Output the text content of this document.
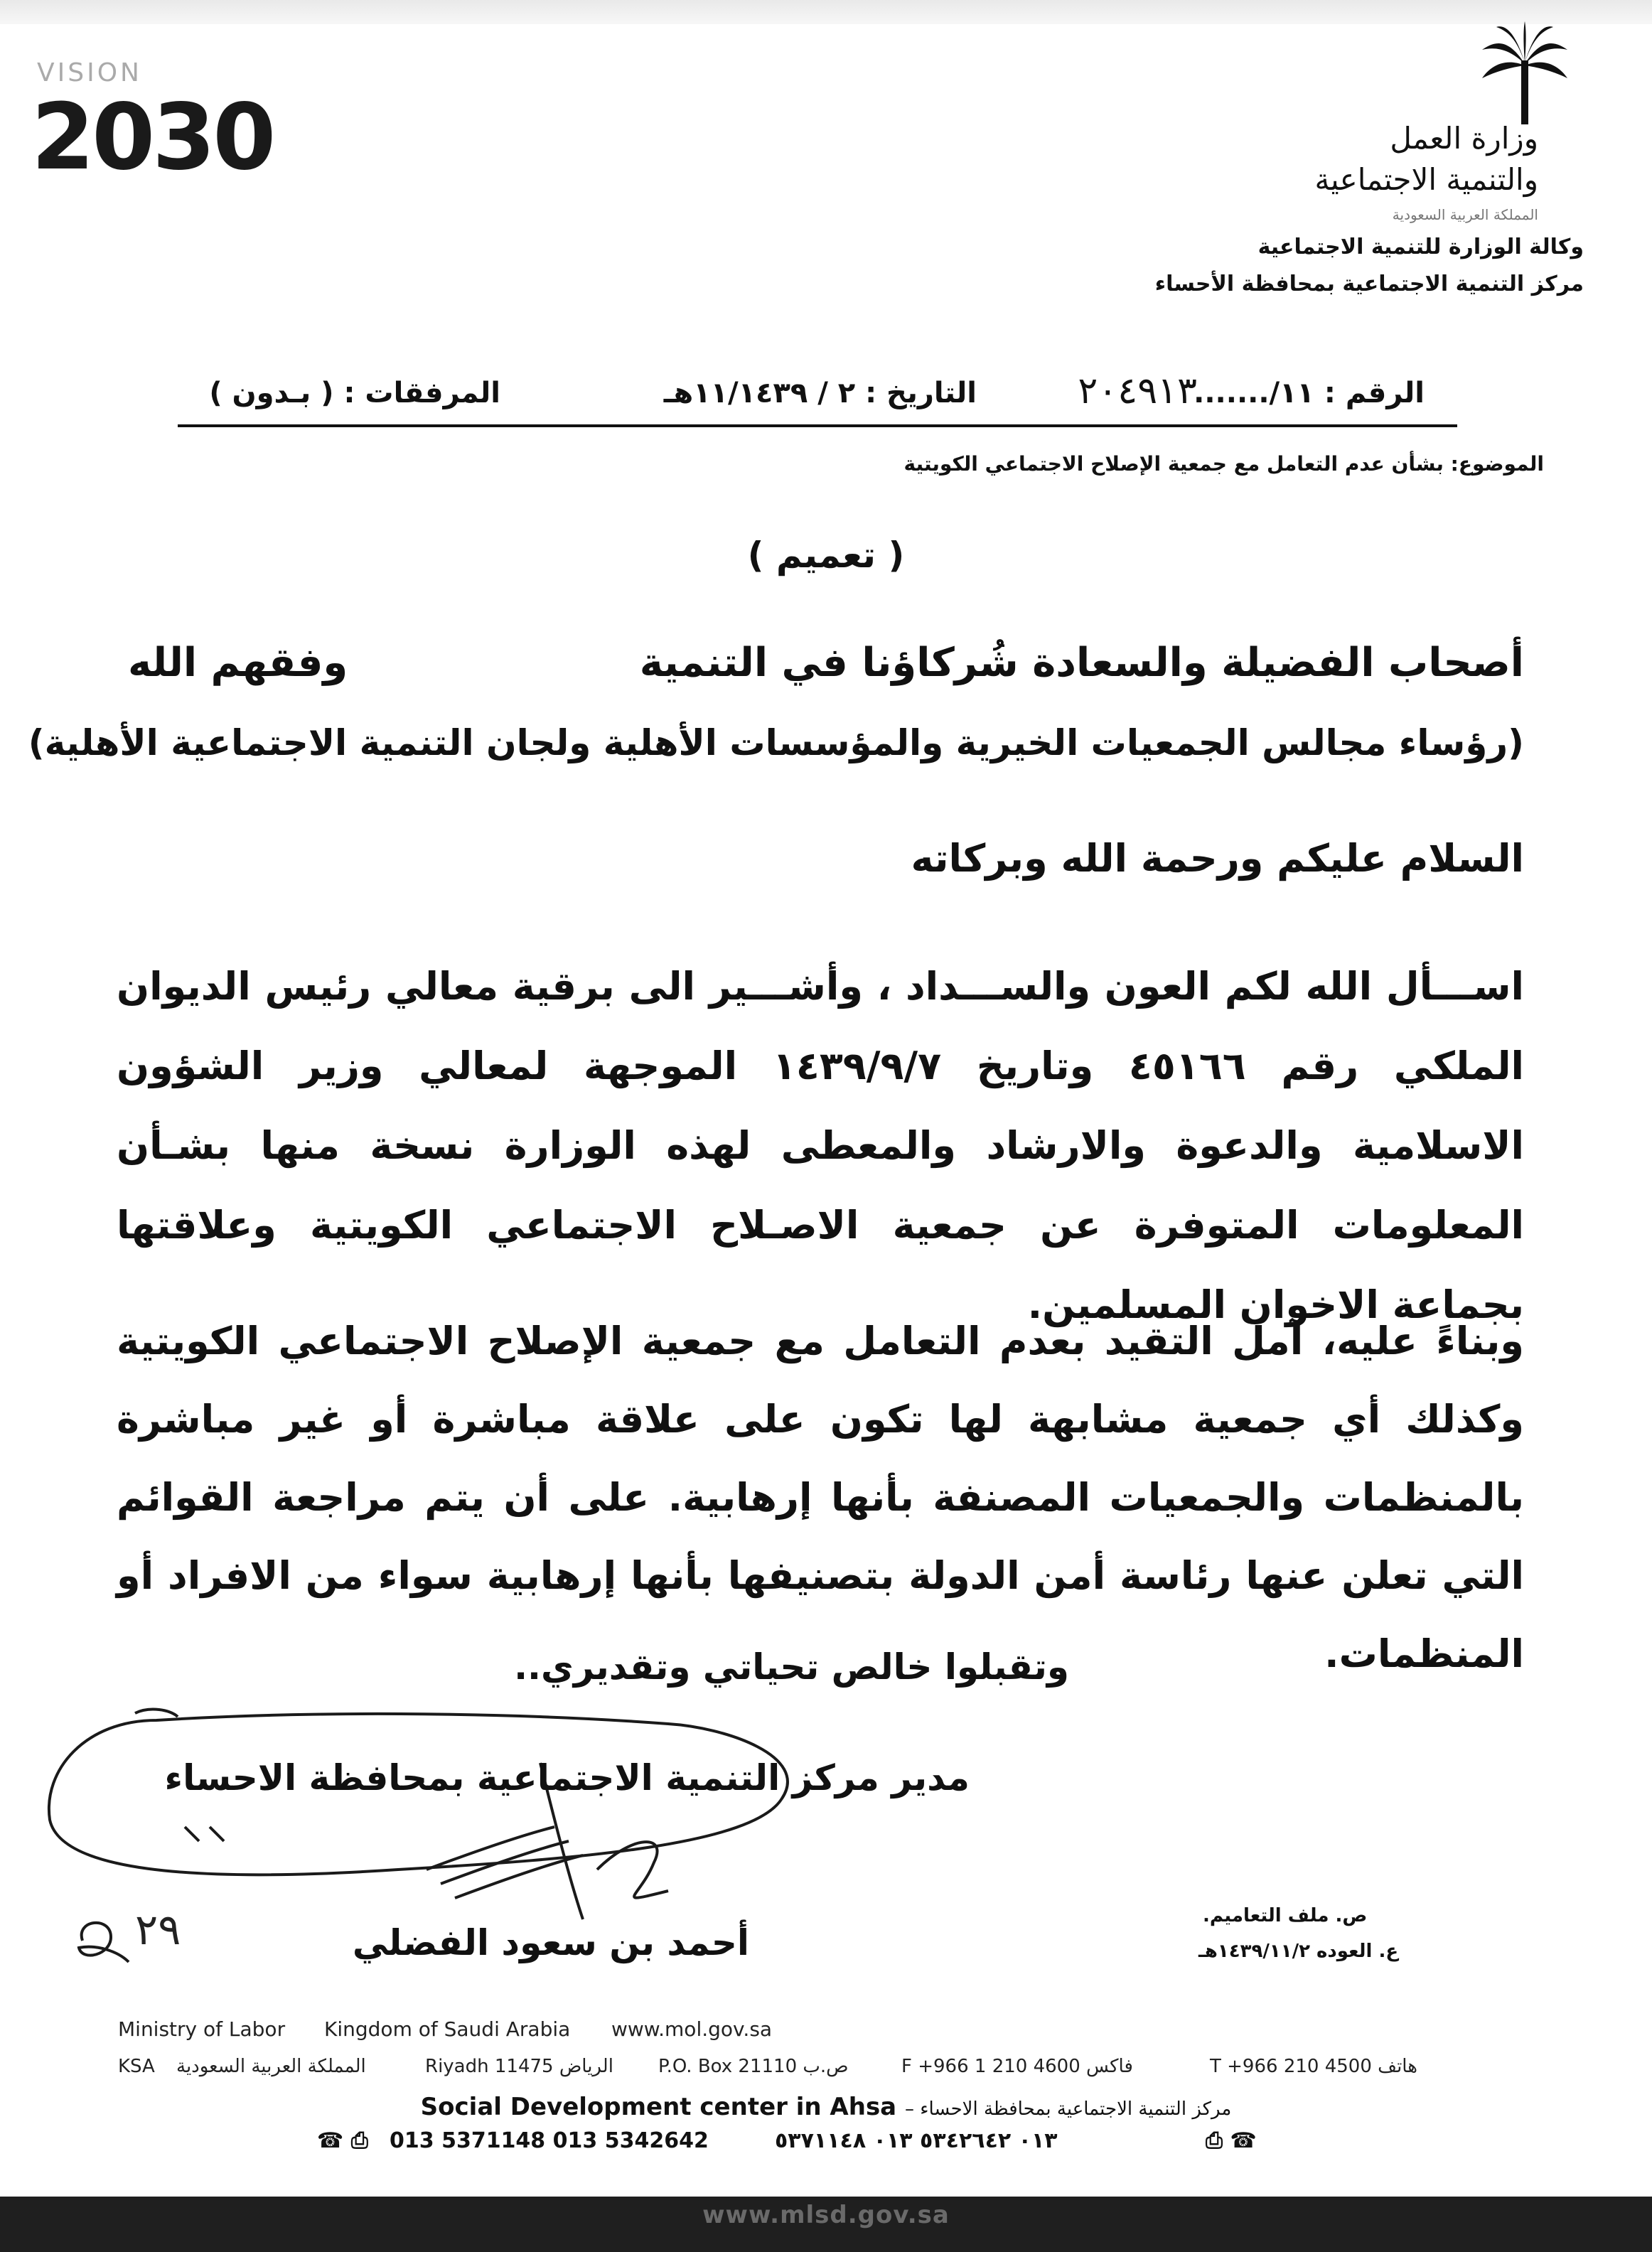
VISION
2030	وزارة العمل
والتنمية الاجتماعية
المملكة العربية السعودية
وكالة الوزارة للتنمية الاجتماعية
مركز التنمية الاجتماعية بمحافظة الأحساء
الرقم : ١١/.......
٢٠٤٩١٣
التاريخ : ٢ / ١١/١٤٣٩هـ
المرفقات : ( بـدون )
الموضوع: بشأن عدم التعامل مع جمعية الإصلاح الاجتماعي الكويتية
( تعميم )
أصحاب الفضيلة والسعادة شُركاؤنا في التنمية
وفقهم الله
(رؤساء مجالس الجمعيات الخيرية والمؤسسات الأهلية ولجان التنمية الاجتماعية الأهلية)
السلام عليكم ورحمة الله وبركاته
اســـأل الله لكم العون والســـداد ، وأشـــير الى برقية معالي رئيس الديوان الملكي رقم ٤٥١٦٦ وتاريخ ١٤٣٩/٩/٧ الموجهة لمعالي وزير الشؤون الاسلامية والدعوة والارشاد والمعطى لهذه الوزارة نسخة منها بشـأن المعلومات المتوفرة عن جمعية الاصـلاح الاجتماعي الكويتية وعلاقتها بجماعة الاخوان المسلمين.
وبناءً عليه، آمل التقيد بعدم التعامل مع جمعية الإصلاح الاجتماعي الكويتية وكذلك أي جمعية مشابهة لها تكون على علاقة مباشرة أو غير مباشرة بالمنظمات والجمعيات المصنفة بأنها إرهابية. على أن يتم مراجعة القوائم التي تعلن عنها رئاسة أمن الدولة بتصنيفها بأنها إرهابية سواء من الافراد أو المنظمات.
وتقبلوا خالص تحياتي وتقديري..
مدير مركز التنمية الاجتماعية بمحافظة الاحساء
أحمد بن سعود الفضلي
٢٩	ص. ملف التعاميم.
ع. العوده ١٤٣٩/١١/٢هـ
Ministry of Labor Kingdom of Saudi Arabia www.mol.gov.sa
KSA المملكة العربية السعودية	Riyadh 11475 الرياض P.O. Box 21110 ص.ب	F +966 1 210 4600 فاكس	T +966 210 4500 هاتف
Social Development center in Ahsa مركز التنمية الاجتماعية بمحافظة الاحساء –
☎ ⎙ 013 5371148 013 5342642	٠١٣ ٥٣٤٢٦٤٢ ٠١٣ ٥٣٧١١٤٨	⎙ ☎
www.mlsd.gov.sa
